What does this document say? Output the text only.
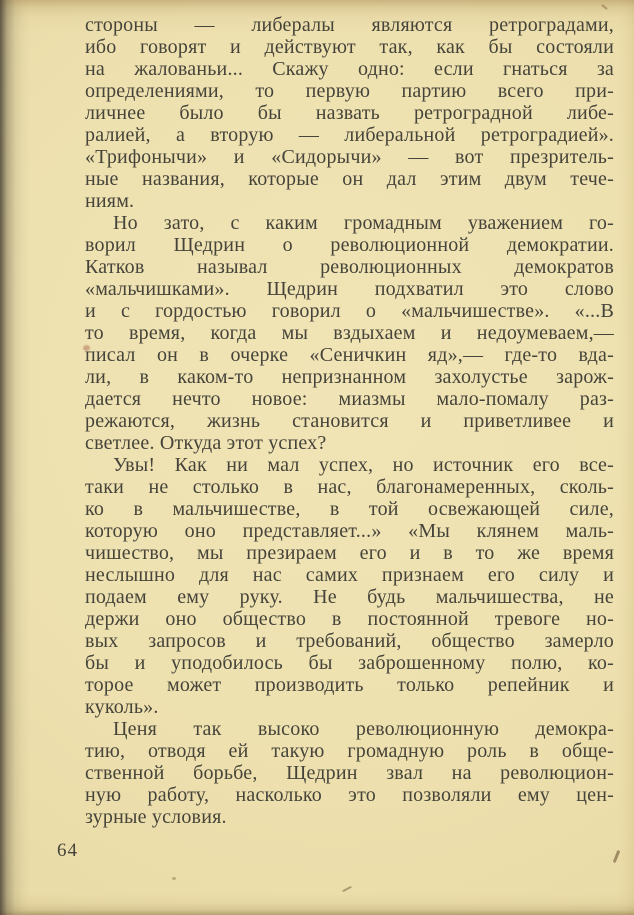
стороны — либералы являются ретроградами,
ибо говорят и действуют так, как бы состояли
на жалованьи... Скажу одно: если гнаться за
определениями, то первую партию всего при-
личнее было бы назвать ретроградной либе-
ралией, а вторую — либеральной ретроградией».
«Трифонычи» и «Сидорычи» — вот презритель-
ные названия, которые он дал этим двум тече-
ниям.
Но зато, с каким громадным уважением го-
ворил Щедрин о революционной демократии.
Катков называл революционных демократов
«мальчишками». Щедрин подхватил это слово
и с гордостью говорил о «мальчишестве». «...В
то время, когда мы вздыхаем и недоумеваем,—
писал он в очерке «Сеничкин яд»,— где-то вда-
ли, в каком-то непризнанном захолустье зарож-
дается нечто новое: миазмы мало-помалу раз-
режаются, жизнь становится и приветливее и
светлее. Откуда этот успех?
Увы! Как ни мал успех, но источник его все-
таки не столько в нас, благонамеренных, сколь-
ко в мальчишестве, в той освежающей силе,
которую оно представляет...» «Мы клянем маль-
чишество, мы презираем его и в то же время
неслышно для нас самих признаем его силу и
подаем ему руку. Не будь мальчишества, не
держи оно общество в постоянной тревоге но-
вых запросов и требований, общество замерло
бы и уподобилось бы заброшенному полю, ко-
торое может производить только репейник и
куколь».
Ценя так высоко революционную демокра-
тию, отводя ей такую громадную роль в обще-
ственной борьбе, Щедрин звал на революцион-
ную работу, насколько это позволяли ему цен-
зурные условия.
64
